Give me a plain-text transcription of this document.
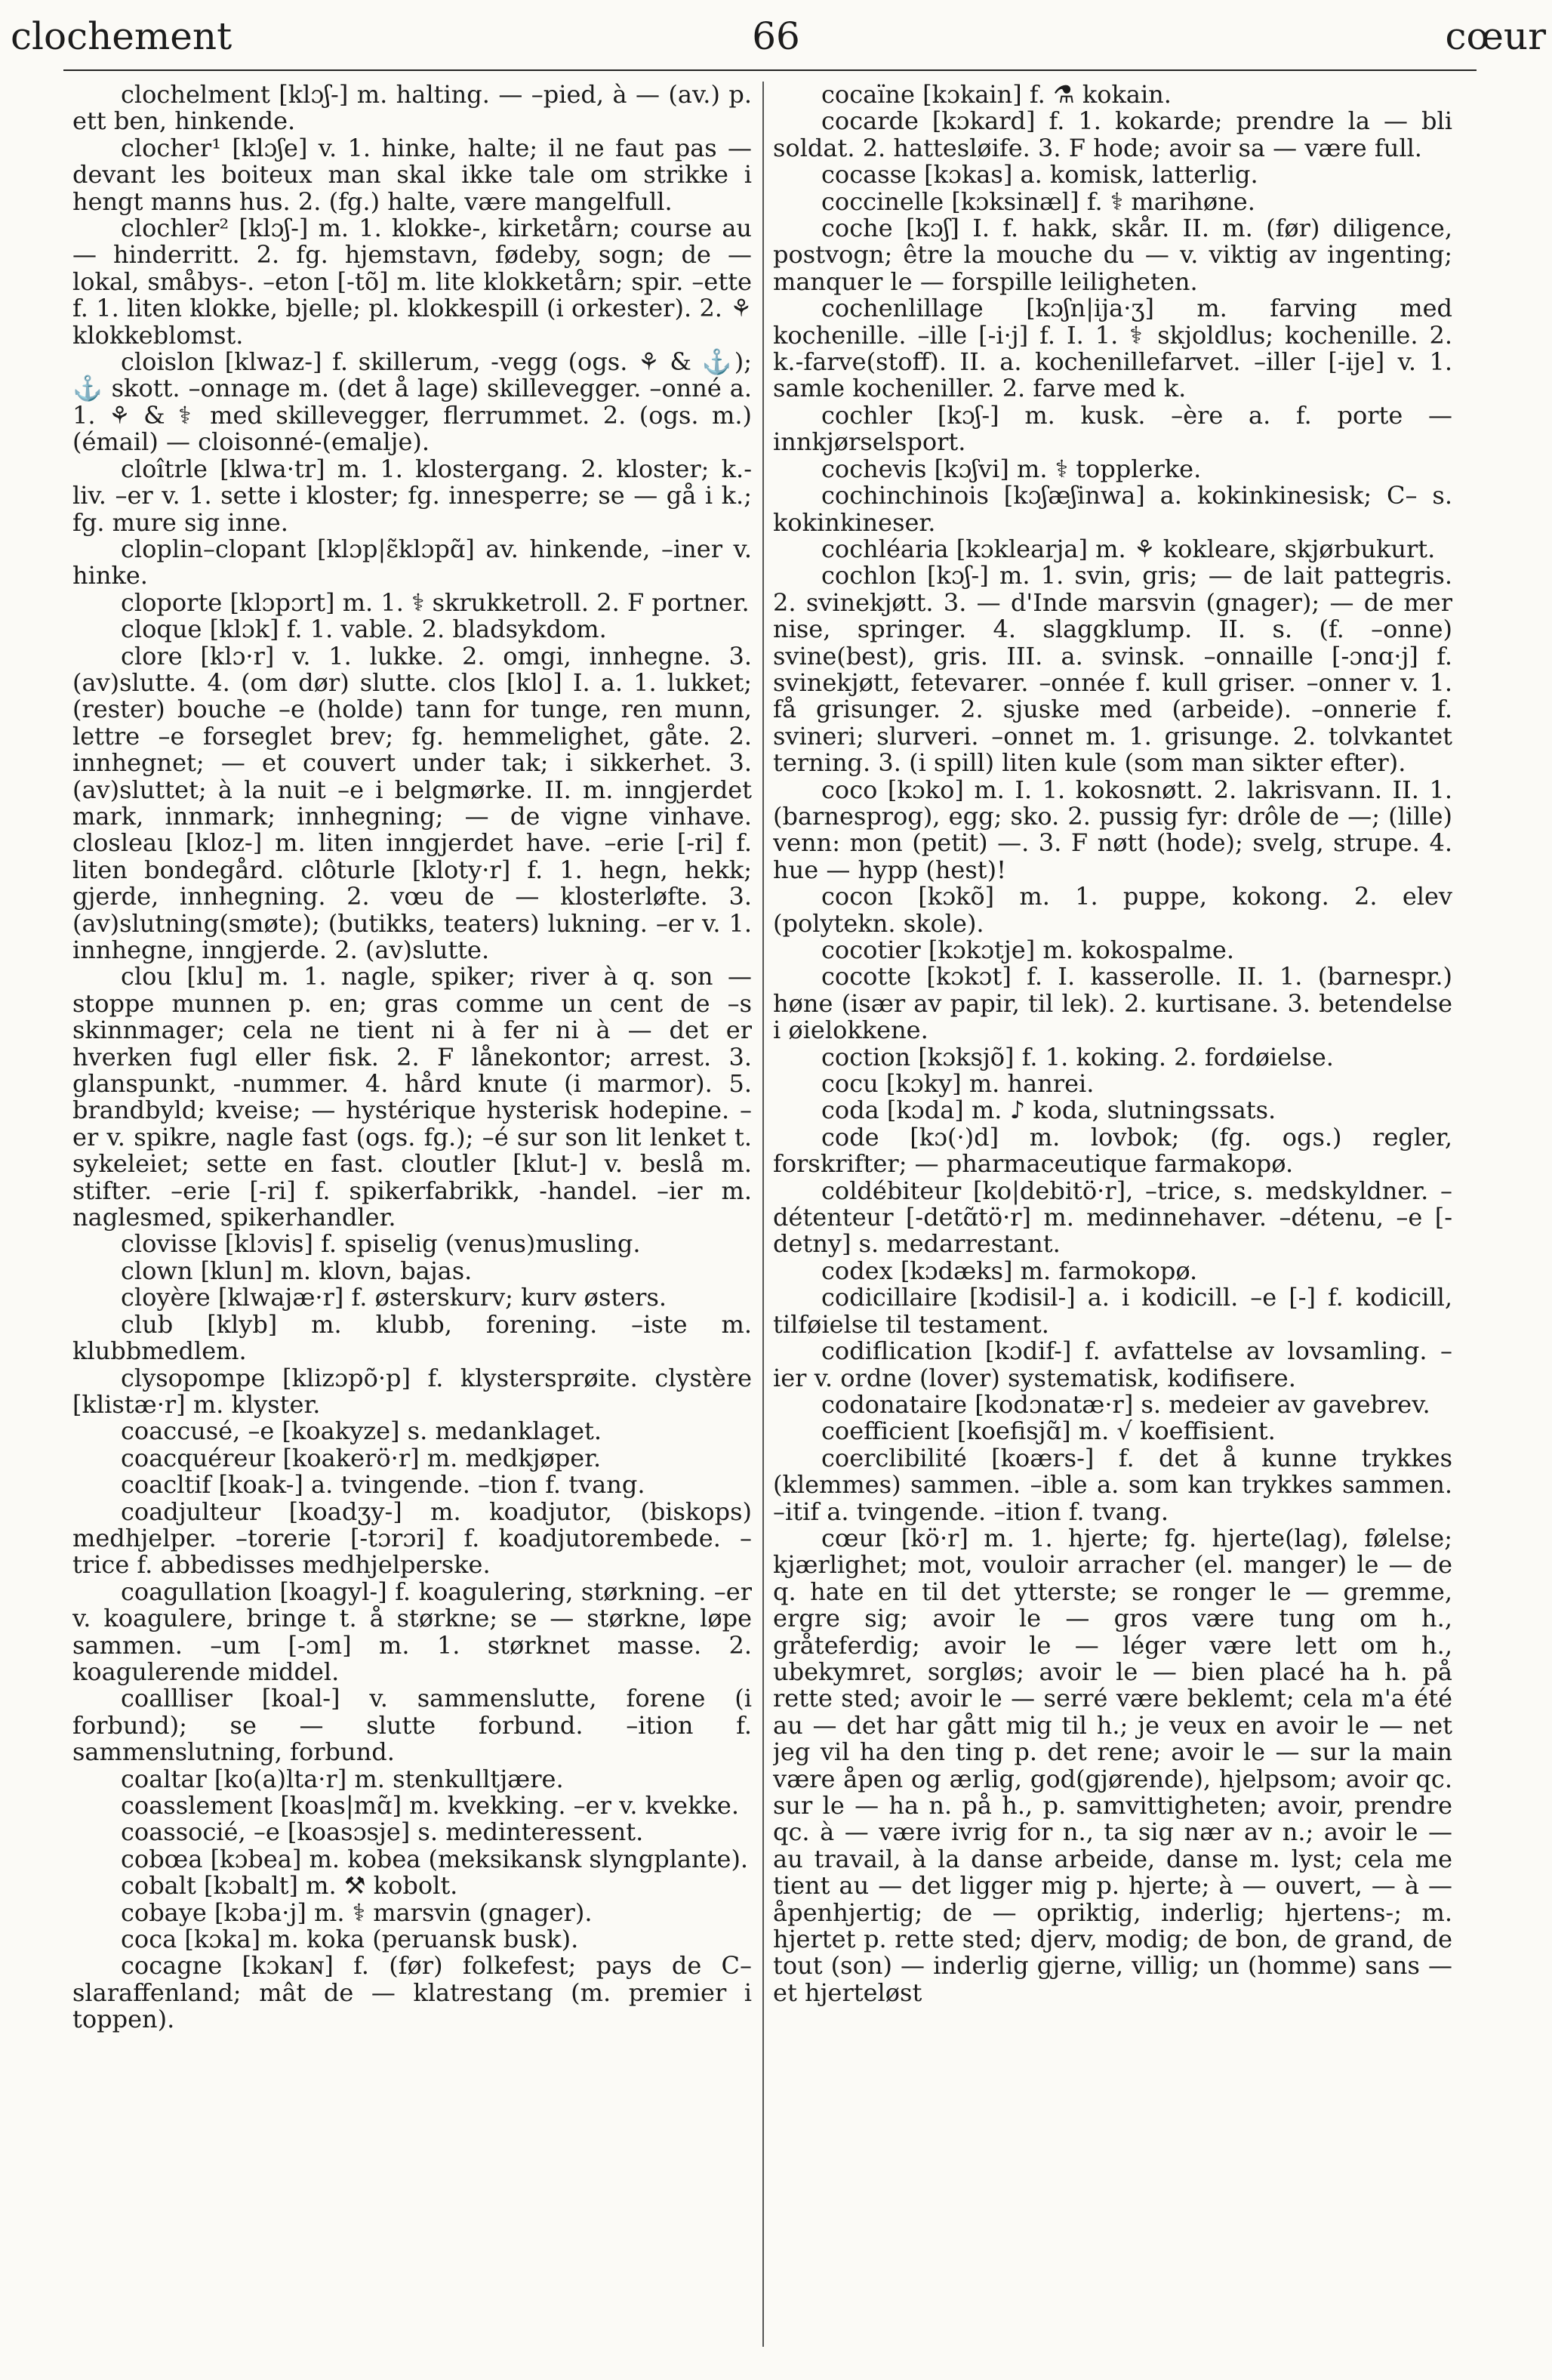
clochement	66	cœur

clochelment [klɔʃ-] m. halting. — –pied, à — (av.) p. ett ben, hinkende.

clocher¹ [klɔʃe] v. 1. hinke, halte; il ne faut pas — devant les boiteux man skal ikke tale om strikke i hengt manns hus. 2. (fg.) halte, være mangelfull.

clochler² [klɔʃ-] m. 1. klokke-, kirketårn; course au — hinderritt. 2. fg. hjemstavn, fødeby, sogn; de — lokal, småbys-. –eton [-tõ] m. lite klokketårn; spir. –ette f. 1. liten klokke, bjelle; pl. klokkespill (i orkester). 2. ⚘ klokkeblomst.

cloislon [klwaz-] f. skillerum, -vegg (ogs. ⚘ & ⚓); ⚓ skott. –onnage m. (det å lage) skillevegger. –onné a. 1. ⚘ & ⚕ med skillevegger, flerrummet. 2. (ogs. m.) (émail) — cloisonné-(emalje).

cloîtrle [klwa·tr] m. 1. klostergang. 2. kloster; k.-liv. –er v. 1. sette i kloster; fg. innesperre; se — gå i k.; fg. mure sig inne.

cloplin–clopant [klɔp|ɛ̃klɔpɑ̃] av. hinkende, –iner v. hinke.

cloporte [klɔpɔrt] m. 1. ⚕ skrukketroll. 2. F portner.

cloque [klɔk] f. 1. vable. 2. bladsykdom.

clore [klɔ·r] v. 1. lukke. 2. omgi, innhegne. 3. (av)slutte. 4. (om dør) slutte. clos [klo] I. a. 1. lukket; (rester) bouche –e (holde) tann for tunge, ren munn, lettre –e forseglet brev; fg. hemmelighet, gåte. 2. innhegnet; — et couvert under tak; i sikkerhet. 3. (av)sluttet; à la nuit –e i belgmørke. II. m. inngjerdet mark, innmark; innhegning; — de vigne vinhave. closleau [kloz-] m. liten inngjerdet have. –erie [-ri] f. liten bondegård. clôturle [kloty·r] f. 1. hegn, hekk; gjerde, innhegning. 2. vœu de — klosterløfte. 3. (av)slutning(smøte); (butikks, teaters) lukning. –er v. 1. innhegne, inngjerde. 2. (av)slutte.

clou [klu] m. 1. nagle, spiker; river à q. son — stoppe munnen p. en; gras comme un cent de –s skinnmager; cela ne tient ni à fer ni à — det er hverken fugl eller fisk. 2. F lånekontor; arrest. 3. glanspunkt, -nummer. 4. hård knute (i marmor). 5. brandbyld; kveise; — hystérique hysterisk hodepine. –er v. spikre, nagle fast (ogs. fg.); –é sur son lit lenket t. sykeleiet; sette en fast. cloutler [klut-] v. beslå m. stifter. –erie [-ri] f. spikerfabrikk, -handel. –ier m. naglesmed, spikerhandler.

clovisse [klɔvis] f. spiselig (venus)musling.

clown [klun] m. klovn, bajas.

cloyère [klwajæ·r] f. østerskurv; kurv østers.

club [klyb] m. klubb, forening. –iste m. klubbmedlem.

clysopompe [klizɔpõ·p] f. klystersprøite. clystère [klistæ·r] m. klyster.

coaccusé, –e [koakyze] s. medanklaget.

coacquéreur [koakerö·r] m. medkjøper.

coacltif [koak-] a. tvingende. –tion f. tvang.

coadjulteur [koadʒy-] m. koadjutor, (biskops) medhjelper. –torerie [-tɔrɔri] f. koadjutorembede. –trice f. abbedisses medhjelperske.

coagullation [koagyl-] f. koagulering, størkning. –er v. koagulere, bringe t. å størkne; se — størkne, løpe sammen. –um [-ɔm] m. 1. størknet masse. 2. koagulerende middel.

coallliser [koal-] v. sammenslutte, forene (i forbund); se — slutte forbund. –ition f. sammenslutning, forbund.

coaltar [ko(a)lta·r] m. stenkulltjære.

coasslement [koas|mɑ̃] m. kvekking. –er v. kvekke.

coassocié, –e [koasɔsje] s. medinteressent.

cobœa [kɔbea] m. kobea (meksikansk slyngplante).

cobalt [kɔbalt] m. ⚒ kobolt.

cobaye [kɔba·j] m. ⚕ marsvin (gnager).

coca [kɔka] m. koka (peruansk busk).

cocagne [kɔkaɴ] f. (før) folkefest; pays de C– slaraffenland; mât de — klatrestang (m. premier i toppen).

cocaïne [kɔkain] f. ⚗ kokain.

cocarde [kɔkard] f. 1. kokarde; prendre la — bli soldat. 2. hattesløife. 3. F hode; avoir sa — være full.

cocasse [kɔkas] a. komisk, latterlig.

coccinelle [kɔksinæl] f. ⚕ marihøne.

coche [kɔʃ] I. f. hakk, skår. II. m. (før) diligence, postvogn; être la mouche du — v. viktig av ingenting; manquer le — forspille leiligheten.

cochenlillage [kɔʃn|ija·ʒ] m. farving med kochenille. –ille [-i·j] f. I. 1. ⚕ skjoldlus; kochenille. 2. k.-farve(stoff). II. a. kochenillefarvet. –iller [-ije] v. 1. samle kocheniller. 2. farve med k.

cochler [kɔʃ-] m. kusk. –ère a. f. porte — innkjørselsport.

cochevis [kɔʃvi] m. ⚕ topplerke.

cochinchinois [kɔʃæʃinwa] a. kokinkinesisk; C– s. kokinkineser.

cochléaria [kɔklearja] m. ⚘ kokleare, skjørbukurt.

cochlon [kɔʃ-] m. 1. svin, gris; — de lait pattegris. 2. svinekjøtt. 3. — d'Inde marsvin (gnager); — de mer nise, springer. 4. slaggklump. II. s. (f. –onne) svine(best), gris. III. a. svinsk. –onnaille [-ɔnɑ·j] f. svinekjøtt, fetevarer. –onnée f. kull griser. –onner v. 1. få grisunger. 2. sjuske med (arbeide). –onnerie f. svineri; slurveri. –onnet m. 1. grisunge. 2. tolvkantet terning. 3. (i spill) liten kule (som man sikter efter).

coco [kɔko] m. I. 1. kokosnøtt. 2. lakrisvann. II. 1. (barnesprog), egg; sko. 2. pussig fyr: drôle de —; (lille) venn: mon (petit) —. 3. F nøtt (hode); svelg, strupe. 4. hue — hypp (hest)!

cocon [kɔkõ] m. 1. puppe, kokong. 2. elev (polytekn. skole).

cocotier [kɔkɔtje] m. kokospalme.

cocotte [kɔkɔt] f. I. kasserolle. II. 1. (barnespr.) høne (især av papir, til lek). 2. kurtisane. 3. betendelse i øielokkene.

coction [kɔksjõ] f. 1. koking. 2. fordøielse.

cocu [kɔky] m. hanrei.

coda [kɔda] m. ♪ koda, slutningssats.

code [kɔ(·)d] m. lovbok; (fg. ogs.) regler, forskrifter; — pharmaceutique farmakopø.

coldébiteur [ko|debitö·r], –trice, s. medskyldner. –détenteur [-detɑ̃tö·r] m. medinnehaver. –détenu, –e [-detny] s. medarrestant.

codex [kɔdæks] m. farmokopø.

codicillaire [kɔdisil-] a. i kodicill. –e [-] f. kodicill, tilføielse til testament.

codiflication [kɔdif-] f. avfattelse av lovsamling. –ier v. ordne (lover) systematisk, kodifisere.

codonataire [kodɔnatæ·r] s. medeier av gavebrev.

coefficient [koefisjɑ̃] m. √ koeffisient.

coerclibilité [koærs-] f. det å kunne trykkes (klemmes) sammen. –ible a. som kan trykkes sammen. –itif a. tvingende. –ition f. tvang.

cœur [kö·r] m. 1. hjerte; fg. hjerte(lag), følelse; kjærlighet; mot, vouloir arracher (el. manger) le — de q. hate en til det ytterste; se ronger le — gremme, ergre sig; avoir le — gros være tung om h., gråteferdig; avoir le — léger være lett om h., ubekymret, sorgløs; avoir le — bien placé ha h. på rette sted; avoir le — serré være beklemt; cela m'a été au — det har gått mig til h.; je veux en avoir le — net jeg vil ha den ting p. det rene; avoir le — sur la main være åpen og ærlig, god(gjørende), hjelpsom; avoir qc. sur le — ha n. på h., p. samvittigheten; avoir, prendre qc. à — være ivrig for n., ta sig nær av n.; avoir le — au travail, à la danse arbeide, danse m. lyst; cela me tient au — det ligger mig p. hjerte; à — ouvert, — à — åpenhjertig; de — opriktig, inderlig; hjertens-; m. hjertet p. rette sted; djerv, modig; de bon, de grand, de tout (son) — inderlig gjerne, villig; un (homme) sans — et hjerteløst
